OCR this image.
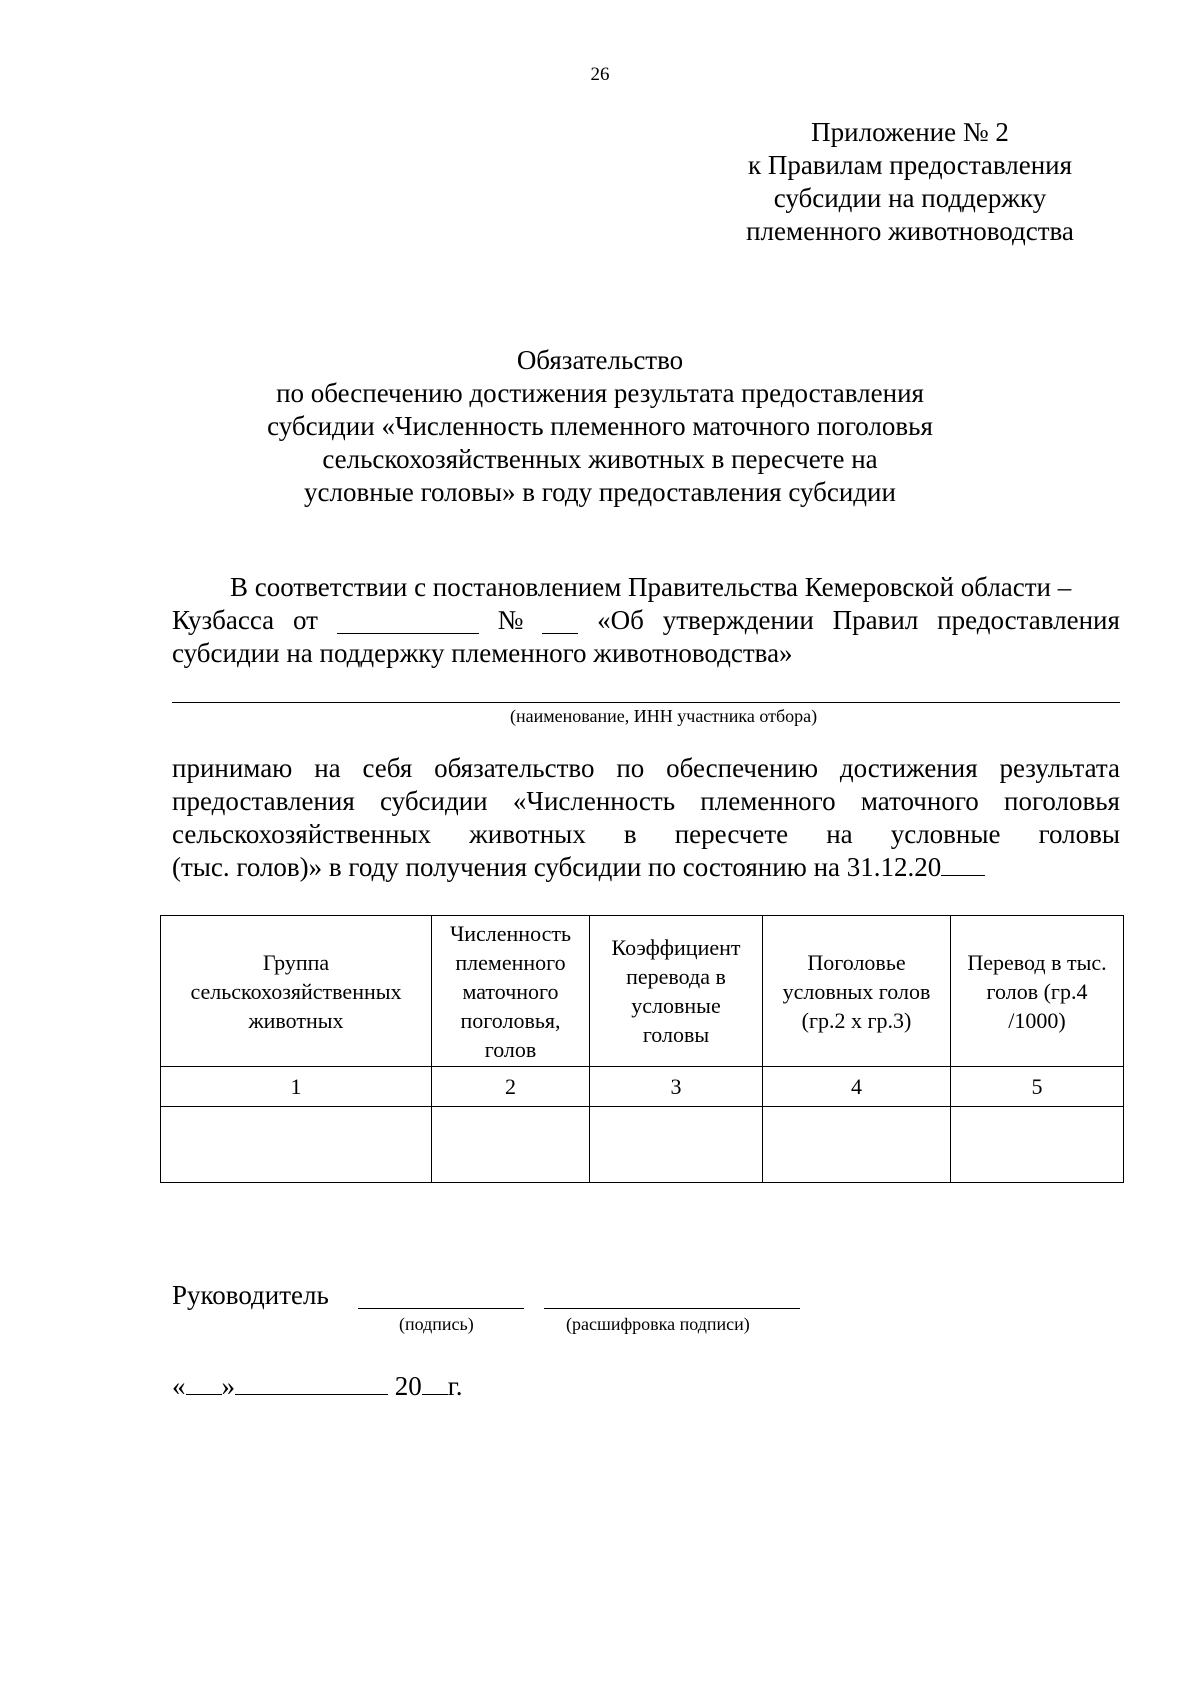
26
Приложение № 2
к Правилам предоставления
субсидии на поддержку
племенного животноводства
Обязательство
по обеспечению достижения результата предоставления
субсидии «Численность племенного маточного поголовья
сельскохозяйственных животных в пересчете на
условные головы» в году предоставления субсидии
В соответствии с постановлением Правительства Кемеровской области –
Кузбасса от	№	«Об утверждении Правил предоставления
субсидии на поддержку племенного животноводства»
(наименование, ИНН участника отбора)
принимаю на себя обязательство по обеспечению достижения результата
предоставления субсидии «Численность племенного маточного поголовья
сельскохозяйственных животных в пересчете на условные головы
(тыс. голов)» в году получения субсидии по состоянию на 31.12.20
Группа сельскохозяйственных животных	Численность племенного маточного поголовья, голов	Коэффициент перевода в условные головы	Поголовье условных голов (гр.2 х гр.3)	Перевод в тыс. голов (гр.4 /1000)
1	2	3	4	5

Руководитель
(подпись)	(расшифровка подписи)
« »	20 г.
